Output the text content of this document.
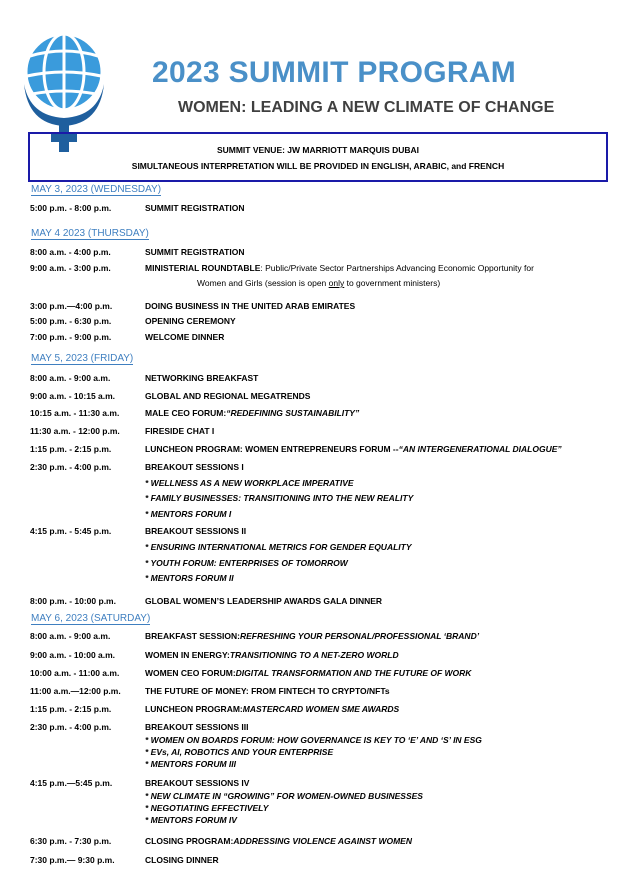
2023 SUMMIT PROGRAM
WOMEN: LEADING A NEW CLIMATE OF CHANGE
SUMMIT VENUE: JW MARRIOTT MARQUIS DUBAI
SIMULTANEOUS INTERPRETATION WILL BE PROVIDED IN ENGLISH, ARABIC, and FRENCH
MAY 3, 2023 (WEDNESDAY)
5:00 p.m. - 8:00 p.m.	SUMMIT REGISTRATION
MAY 4 2023 (THURSDAY)
8:00 a.m. - 4:00 p.m.	SUMMIT REGISTRATION
9:00 a.m. - 3:00 p.m.	MINISTERIAL ROUNDTABLE: Public/Private Sector Partnerships Advancing Economic Opportunity for
Women and Girls (session is open only to government ministers)
3:00 p.m.—4:00 p.m.	DOING BUSINESS IN THE UNITED ARAB EMIRATES
5:00 p.m. - 6:30 p.m.	OPENING CEREMONY
7:00 p.m. - 9:00 p.m.	WELCOME DINNER
MAY 5, 2023 (FRIDAY)
8:00 a.m. - 9:00 a.m.	NETWORKING BREAKFAST
9:00 a.m. - 10:15 a.m.	GLOBAL AND REGIONAL MEGATRENDS
10:15 a.m. - 11:30 a.m.	MALE CEO FORUM:“REDEFINING SUSTAINABILITY”
11:30 a.m. - 12:00 p.m.	FIRESIDE CHAT I
1:15 p.m. - 2:15 p.m.	LUNCHEON PROGRAM: WOMEN ENTREPRENEURS FORUM --“AN INTERGENERATIONAL DIALOGUE”
2:30 p.m. - 4:00 p.m.	BREAKOUT SESSIONS I
* WELLNESS AS A NEW WORKPLACE IMPERATIVE
* FAMILY BUSINESSES: TRANSITIONING INTO THE NEW REALITY
* MENTORS FORUM I
4:15 p.m. - 5:45 p.m.	BREAKOUT SESSIONS II
* ENSURING INTERNATIONAL METRICS FOR GENDER EQUALITY
* YOUTH FORUM: ENTERPRISES OF TOMORROW
* MENTORS FORUM II
8:00 p.m. - 10:00 p.m.	GLOBAL WOMEN’S LEADERSHIP AWARDS GALA DINNER
MAY 6, 2023 (SATURDAY)
8:00 a.m. - 9:00 a.m.	BREAKFAST SESSION:REFRESHING YOUR PERSONAL/PROFESSIONAL ‘BRAND’
9:00 a.m. - 10:00 a.m.	WOMEN IN ENERGY:TRANSITIONING TO A NET-ZERO WORLD
10:00 a.m. - 11:00 a.m.	WOMEN CEO FORUM:DIGITAL TRANSFORMATION AND THE FUTURE OF WORK
11:00 a.m.—12:00 p.m.	THE FUTURE OF MONEY: FROM FINTECH TO CRYPTO/NFTs
1:15 p.m. - 2:15 p.m.	LUNCHEON PROGRAM:MASTERCARD WOMEN SME AWARDS
2:30 p.m. - 4:00 p.m.	BREAKOUT SESSIONS III
* WOMEN ON BOARDS FORUM: HOW GOVERNANCE IS KEY TO ‘E’ AND ‘S’ IN ESG
* EVs, AI, ROBOTICS AND YOUR ENTERPRISE
* MENTORS FORUM III
4:15 p.m.—5:45 p.m.	BREAKOUT SESSIONS IV
* NEW CLIMATE IN “GROWING” FOR WOMEN-OWNED BUSINESSES
* NEGOTIATING EFFECTIVELY
* MENTORS FORUM IV
6:30 p.m. - 7:30 p.m.	CLOSING PROGRAM:ADDRESSING VIOLENCE AGAINST WOMEN
7:30 p.m.— 9:30 p.m.	CLOSING DINNER
